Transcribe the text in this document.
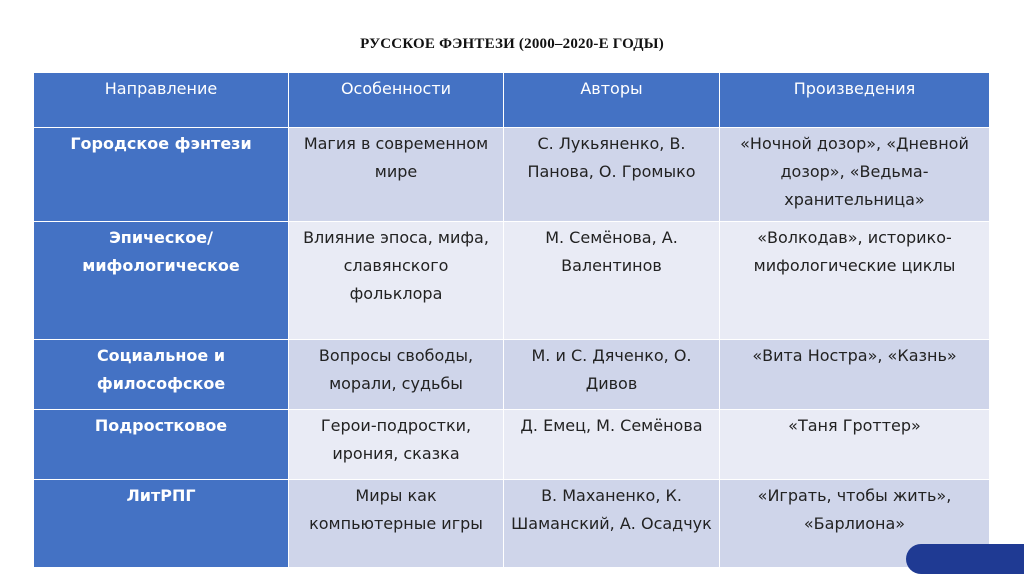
РУССКОЕ ФЭНТЕЗИ (2000–2020-Е ГОДЫ)
Направление	Особенности	Авторы	Произведения
Городское фэнтези	Магия в современном мире	С. Лукьяненко, В. Панова, О. Громыко	«Ночной дозор», «Дневной дозор», «Ведьма-хранительница»
Эпическое/ мифологическое	Влияние эпоса, мифа, славянского фольклора	М. Семёнова, А. Валентинов	«Волкодав», историко-мифологические циклы
Социальное и философское	Вопросы свободы, морали, судьбы	М. и С. Дяченко, О. Дивов	«Вита Ностра», «Казнь»
Подростковое	Герои-подростки, ирония, сказка	Д. Емец, М. Семёнова	«Таня Гроттер»
ЛитРПГ	Миры как компьютерные игры	В. Маханенко, К. Шаманский, А. Осадчук	«Играть, чтобы жить», «Барлиона»
